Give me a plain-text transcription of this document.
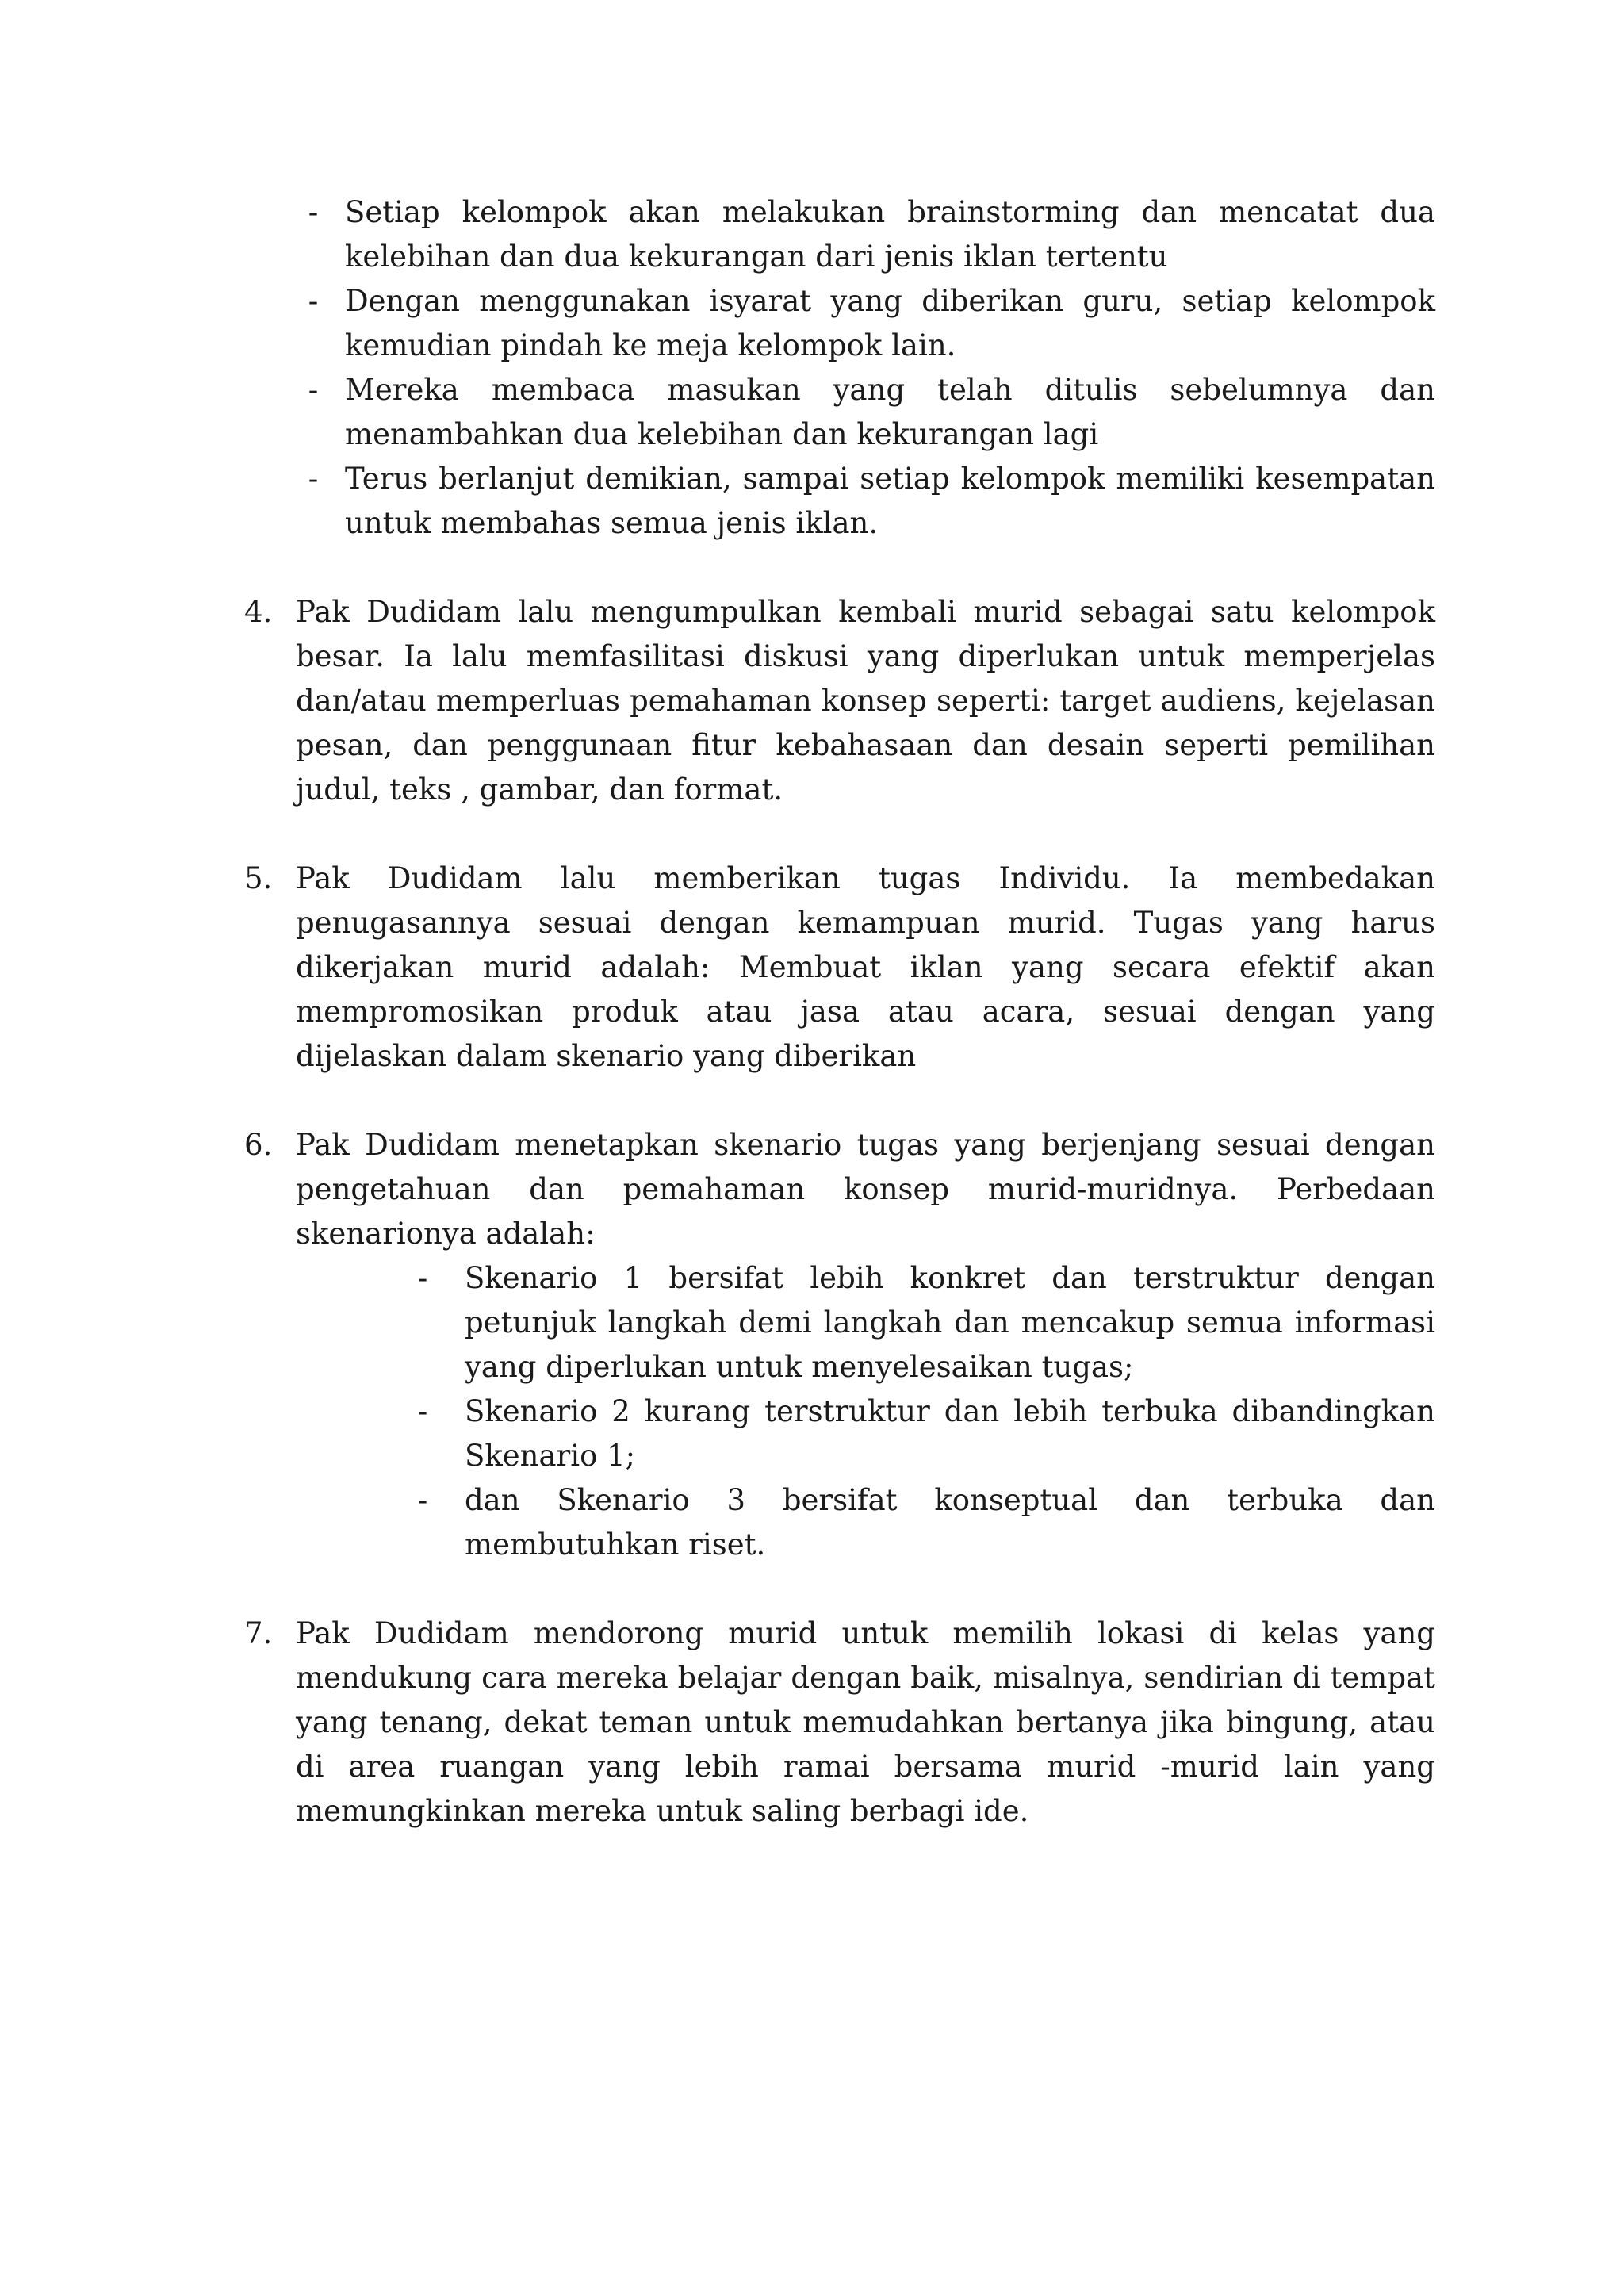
- Setiap kelompok akan melakukan brainstorming dan mencatat dua kelebihan dan dua kekurangan dari jenis iklan tertentu
- Dengan menggunakan isyarat yang diberikan guru, setiap kelompok kemudian pindah ke meja kelompok lain.
- Mereka membaca masukan yang telah ditulis sebelumnya dan menambahkan dua kelebihan dan kekurangan lagi
- Terus berlanjut demikian, sampai setiap kelompok memiliki kesempatan untuk membahas semua jenis iklan.
4. Pak Dudidam lalu mengumpulkan kembali murid sebagai satu kelompok besar. Ia lalu memfasilitasi diskusi yang diperlukan untuk memperjelas dan/atau memperluas pemahaman konsep seperti: target audiens, kejelasan pesan, dan penggunaan fitur kebahasaan dan desain seperti pemilihan judul, teks , gambar, dan format.
5. Pak Dudidam lalu memberikan tugas Individu. Ia membedakan penugasannya sesuai dengan kemampuan murid. Tugas yang harus dikerjakan murid adalah: Membuat iklan yang secara efektif akan mempromosikan produk atau jasa atau acara, sesuai dengan yang dijelaskan dalam skenario yang diberikan
6. Pak Dudidam menetapkan skenario tugas yang berjenjang sesuai dengan pengetahuan dan pemahaman konsep murid-muridnya. Perbedaan skenarionya adalah:
-	Skenario 1 bersifat lebih konkret dan terstruktur dengan petunjuk langkah demi langkah dan mencakup semua informasi yang diperlukan untuk menyelesaikan tugas;
-	Skenario 2 kurang terstruktur dan lebih terbuka dibandingkan Skenario 1;
-	dan Skenario 3 bersifat konseptual dan terbuka dan membutuhkan riset.
7. Pak Dudidam mendorong murid untuk memilih lokasi di kelas yang mendukung cara mereka belajar dengan baik, misalnya, sendirian di tempat yang tenang, dekat teman untuk memudahkan bertanya jika bingung, atau di area ruangan yang lebih ramai bersama murid -murid lain yang memungkinkan mereka untuk saling berbagi ide.
